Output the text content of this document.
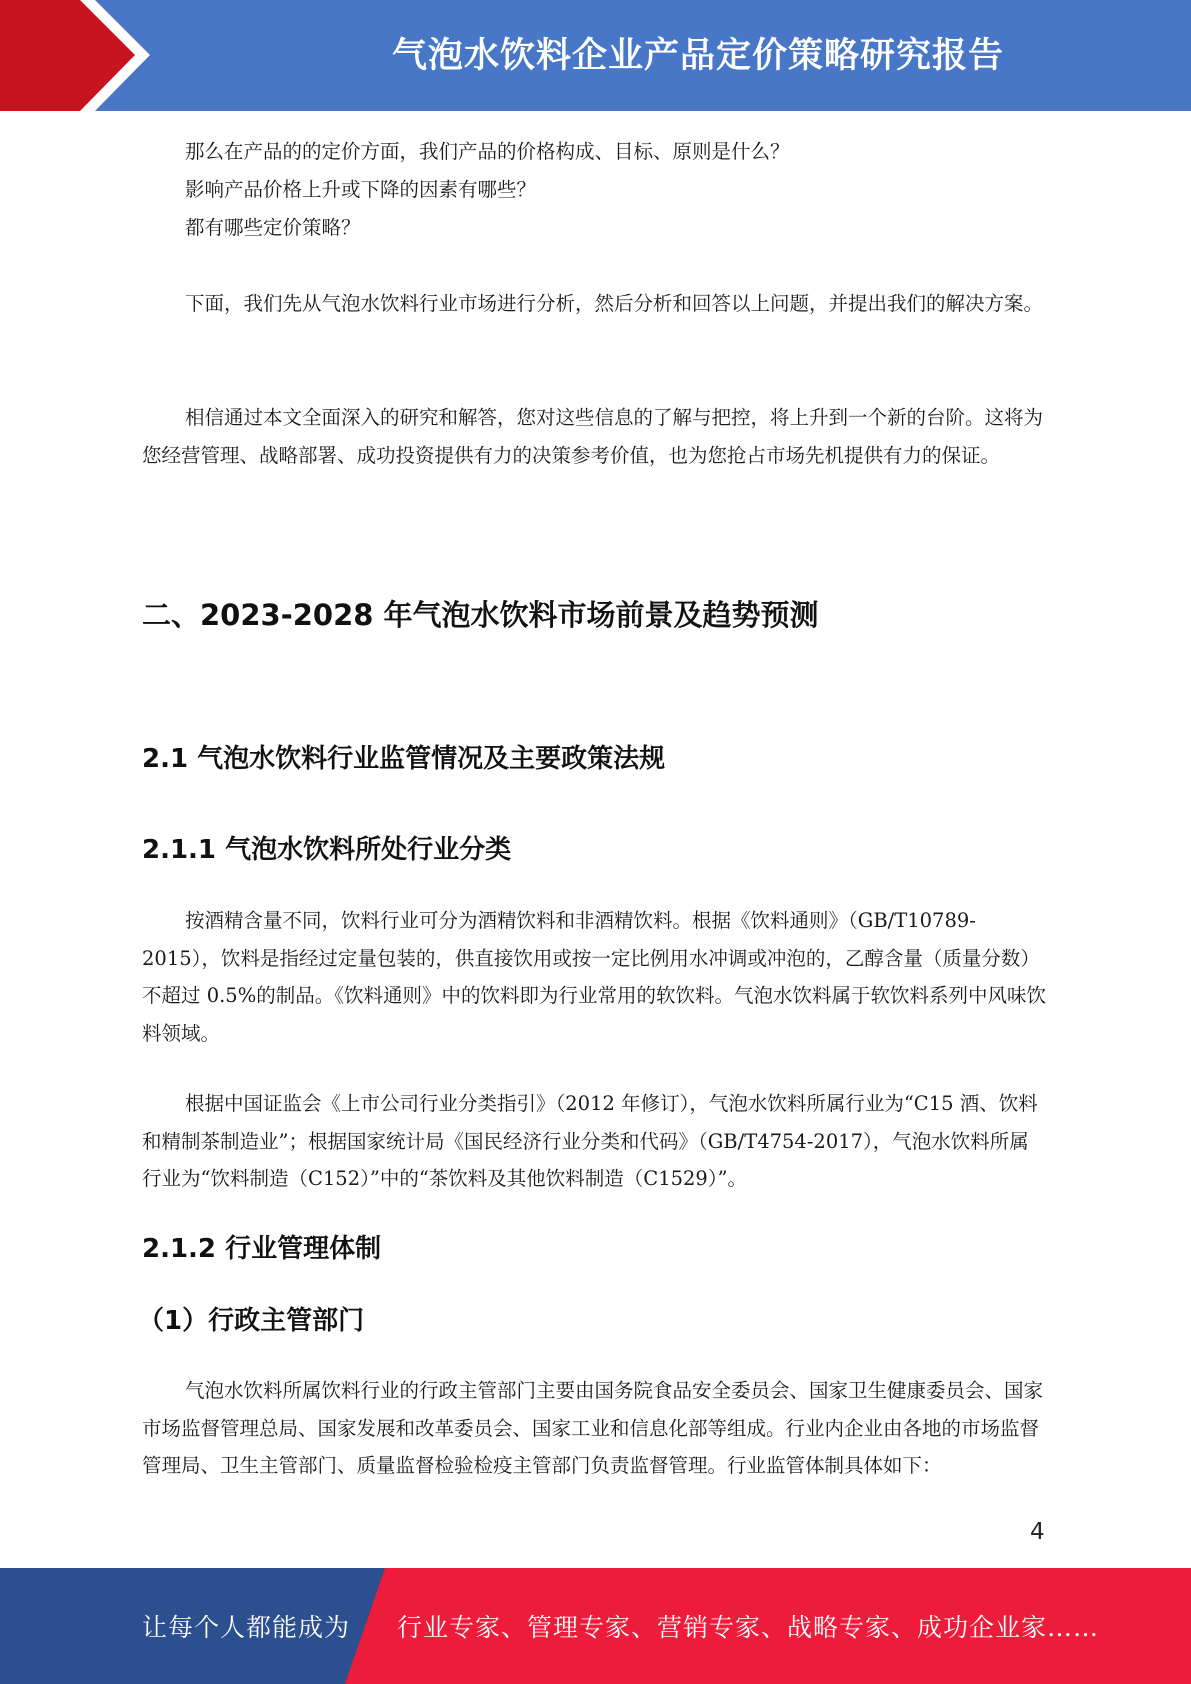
气泡水饮料企业产品定价策略研究报告

那么在产品的的定价方面，我们产品的价格构成、目标、原则是什么？

影响产品价格上升或下降的因素有哪些？

都有哪些定价策略？

下面，我们先从气泡水饮料行业市场进行分析，然后分析和回答以上问题，并提出我们的解决方案。

相信通过本文全面深入的研究和解答，您对这些信息的了解与把控，将上升到一个新的台阶。这将为您经营管理、战略部署、成功投资提供有力的决策参考价值，也为您抢占市场先机提供有力的保证。

二、2023-2028 年气泡水饮料市场前景及趋势预测
2.1 气泡水饮料行业监管情况及主要政策法规
2.1.1 气泡水饮料所处行业分类

按酒精含量不同，饮料行业可分为酒精饮料和非酒精饮料。根据《饮料通则》（GB/T10789-2015），饮料是指经过定量包装的，供直接饮用或按一定比例用水冲调或冲泡的，乙醇含量（质量分数）不超过 0.5%的制品。《饮料通则》中的饮料即为行业常用的软饮料。气泡水饮料属于软饮料系列中风味饮料领域。

根据中国证监会《上市公司行业分类指引》（2012 年修订），气泡水饮料所属行业为“C15 酒、饮料和精制茶制造业”；根据国家统计局《国民经济行业分类和代码》（GB/T4754-2017），气泡水饮料所属行业为“饮料制造（C152）”中的“茶饮料及其他饮料制造（C1529）”。

2.1.2 行业管理体制
（1）行政主管部门

气泡水饮料所属饮料行业的行政主管部门主要由国务院食品安全委员会、国家卫生健康委员会、国家市场监督管理总局、国家发展和改革委员会、国家工业和信息化部等组成。行业内企业由各地的市场监督管理局、卫生主管部门、质量监督检验检疫主管部门负责监督管理。行业监管体制具体如下：

4
让每个人都能成为 行业专家、管理专家、营销专家、战略专家、成功企业家……
